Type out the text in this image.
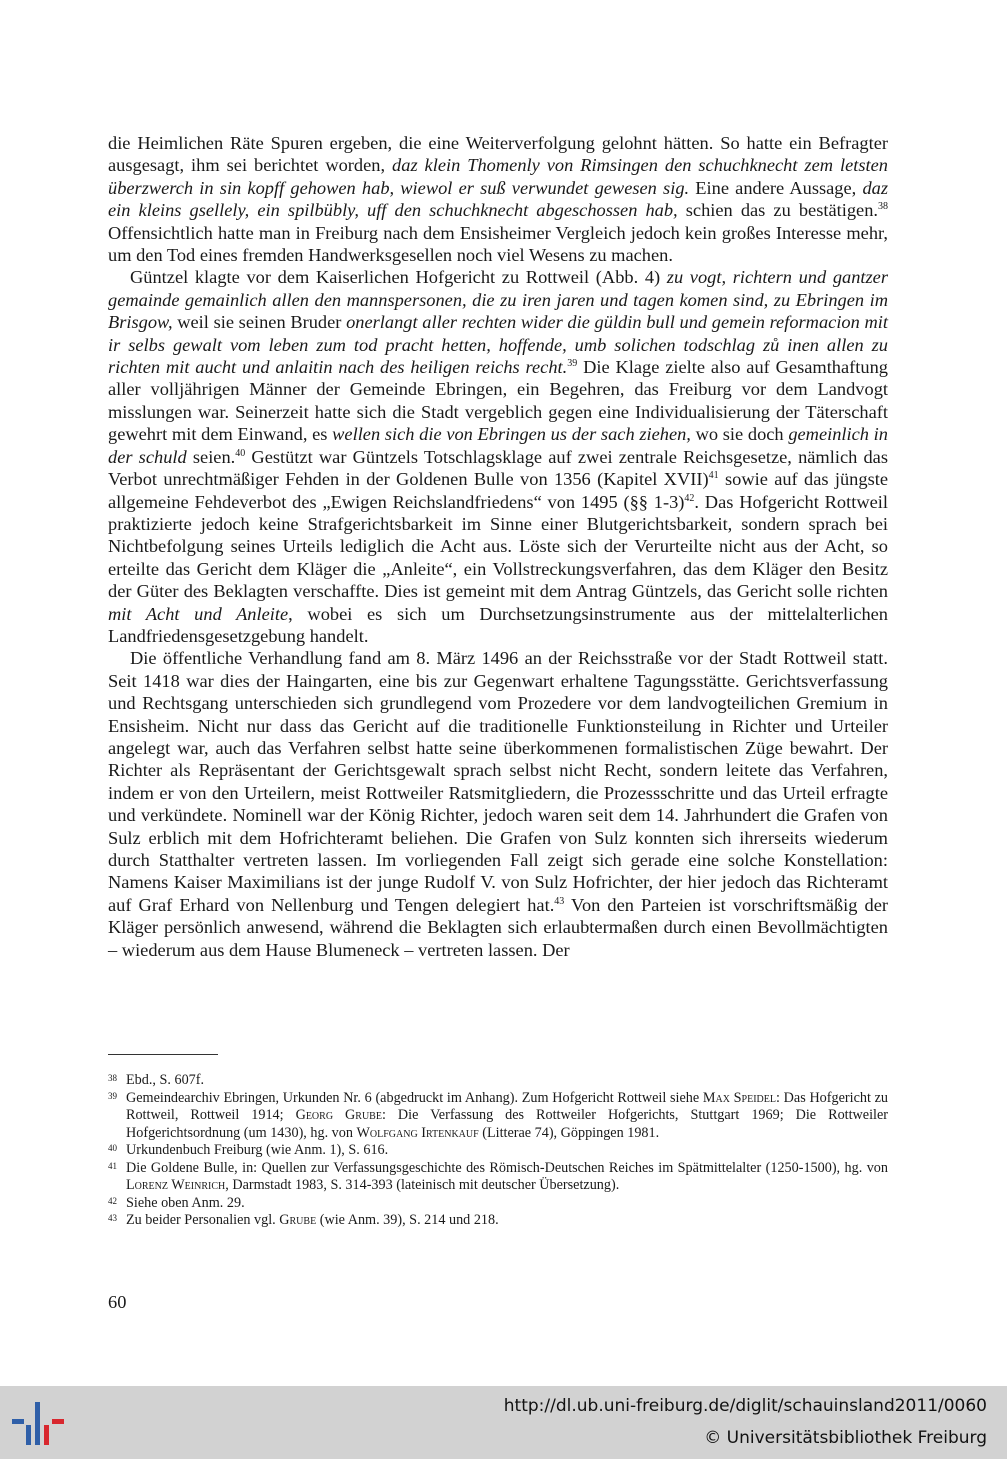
die Heimlichen Räte Spuren ergeben, die eine Weiterverfolgung gelohnt hätten. So hatte ein Befragter ausgesagt, ihm sei berichtet worden, daz klein Thomenly von Rimsingen den schuchknecht zem letsten überzwerch in sin kopff gehowen hab, wiewol er suß verwundet gewesen sig. Eine andere Aussage, daz ein kleins gsellely, ein spilbübly, uff den schuchknecht abgeschossen hab, schien das zu bestätigen.$^{38}$ Offensichtlich hatte man in Freiburg nach dem Ensisheimer Vergleich jedoch kein großes Interesse mehr, um den Tod eines fremden Handwerksgesellen noch viel Wesens zu machen.

Güntzel klagte vor dem Kaiserlichen Hofgericht zu Rottweil (Abb. 4) zu vogt, richtern und gantzer gemainde gemainlich allen den mannspersonen, die zu iren jaren und tagen komen sind, zu Ebringen im Brisgow, weil sie seinen Bruder onerlangt aller rechten wider die güldin bull und gemein reformacion mit ir selbs gewalt vom leben zum tod pracht hetten, hoffende, umb solichen todschlag zů inen allen zu richten mit aucht und anlaitin nach des heiligen reichs recht.$^{39}$ Die Klage zielte also auf Gesamthaftung aller volljährigen Männer der Gemeinde Ebringen, ein Begehren, das Freiburg vor dem Landvogt misslungen war. Seinerzeit hatte sich die Stadt vergeblich gegen eine Individualisierung der Täterschaft gewehrt mit dem Einwand, es wellen sich die von Ebringen us der sach ziehen, wo sie doch gemeinlich in der schuld seien.$^{40}$ Gestützt war Güntzels Totschlagsklage auf zwei zentrale Reichsgesetze, nämlich das Verbot unrechtmäßiger Fehden in der Goldenen Bulle von 1356 (Kapitel XVII)$^{41}$ sowie auf das jüngste allgemeine Fehdeverbot des „Ewigen Reichslandfriedens“ von 1495 (§§ 1-3)$^{42}$. Das Hofgericht Rottweil praktizierte jedoch keine Strafgerichtsbarkeit im Sinne einer Blutgerichtsbarkeit, sondern sprach bei Nichtbefolgung seines Urteils lediglich die Acht aus. Löste sich der Verurteilte nicht aus der Acht, so erteilte das Gericht dem Kläger die „Anleite“, ein Vollstreckungsverfahren, das dem Kläger den Besitz der Güter des Beklagten verschaffte. Dies ist gemeint mit dem Antrag Güntzels, das Gericht solle richten mit Acht und Anleite, wobei es sich um Durchsetzungsinstrumente aus der mittelalterlichen Landfriedensgesetzgebung handelt.

Die öffentliche Verhandlung fand am 8. März 1496 an der Reichsstraße vor der Stadt Rottweil statt. Seit 1418 war dies der Haingarten, eine bis zur Gegenwart erhaltene Tagungsstätte. Gerichtsverfassung und Rechtsgang unterschieden sich grundlegend vom Prozedere vor dem landvogteilichen Gremium in Ensisheim. Nicht nur dass das Gericht auf die traditionelle Funktionsteilung in Richter und Urteiler angelegt war, auch das Verfahren selbst hatte seine überkommenen formalistischen Züge bewahrt. Der Richter als Repräsentant der Gerichtsgewalt sprach selbst nicht Recht, sondern leitete das Verfahren, indem er von den Urteilern, meist Rottweiler Ratsmitgliedern, die Prozessschritte und das Urteil erfragte und verkündete. Nominell war der König Richter, jedoch waren seit dem 14. Jahrhundert die Grafen von Sulz erblich mit dem Hofrichteramt beliehen. Die Grafen von Sulz konnten sich ihrerseits wiederum durch Statthalter vertreten lassen. Im vorliegenden Fall zeigt sich gerade eine solche Konstellation: Namens Kaiser Maximilians ist der junge Rudolf V. von Sulz Hofrichter, der hier jedoch das Richteramt auf Graf Erhard von Nellenburg und Tengen delegiert hat.$^{43}$ Von den Parteien ist vorschriftsmäßig der Kläger persönlich anwesend, während die Beklagten sich erlaubtermaßen durch einen Bevollmächtigten – wiederum aus dem Hause Blumeneck – vertreten lassen. Der

38 Ebd., S. 607f.
39 Gemeindearchiv Ebringen, Urkunden Nr. 6 (abgedruckt im Anhang). Zum Hofgericht Rottweil siehe Max Speidel: Das Hofgericht zu Rottweil, Rottweil 1914; Georg Grube: Die Verfassung des Rottweiler Hofgerichts, Stuttgart 1969; Die Rottweiler Hofgerichtsordnung (um 1430), hg. von Wolfgang Irtenkauf (Litterae 74), Göppingen 1981.
40 Urkundenbuch Freiburg (wie Anm. 1), S. 616.
41 Die Goldene Bulle, in: Quellen zur Verfassungsgeschichte des Römisch-Deutschen Reiches im Spätmittelalter (1250-1500), hg. von Lorenz Weinrich, Darmstadt 1983, S. 314-393 (lateinisch mit deutscher Übersetzung).
42 Siehe oben Anm. 29.
43 Zu beider Personalien vgl. Grube (wie Anm. 39), S. 214 und 218.
60
http://dl.ub.uni-freiburg.de/diglit/schauinsland2011/0060
© Universitätsbibliothek Freiburg
